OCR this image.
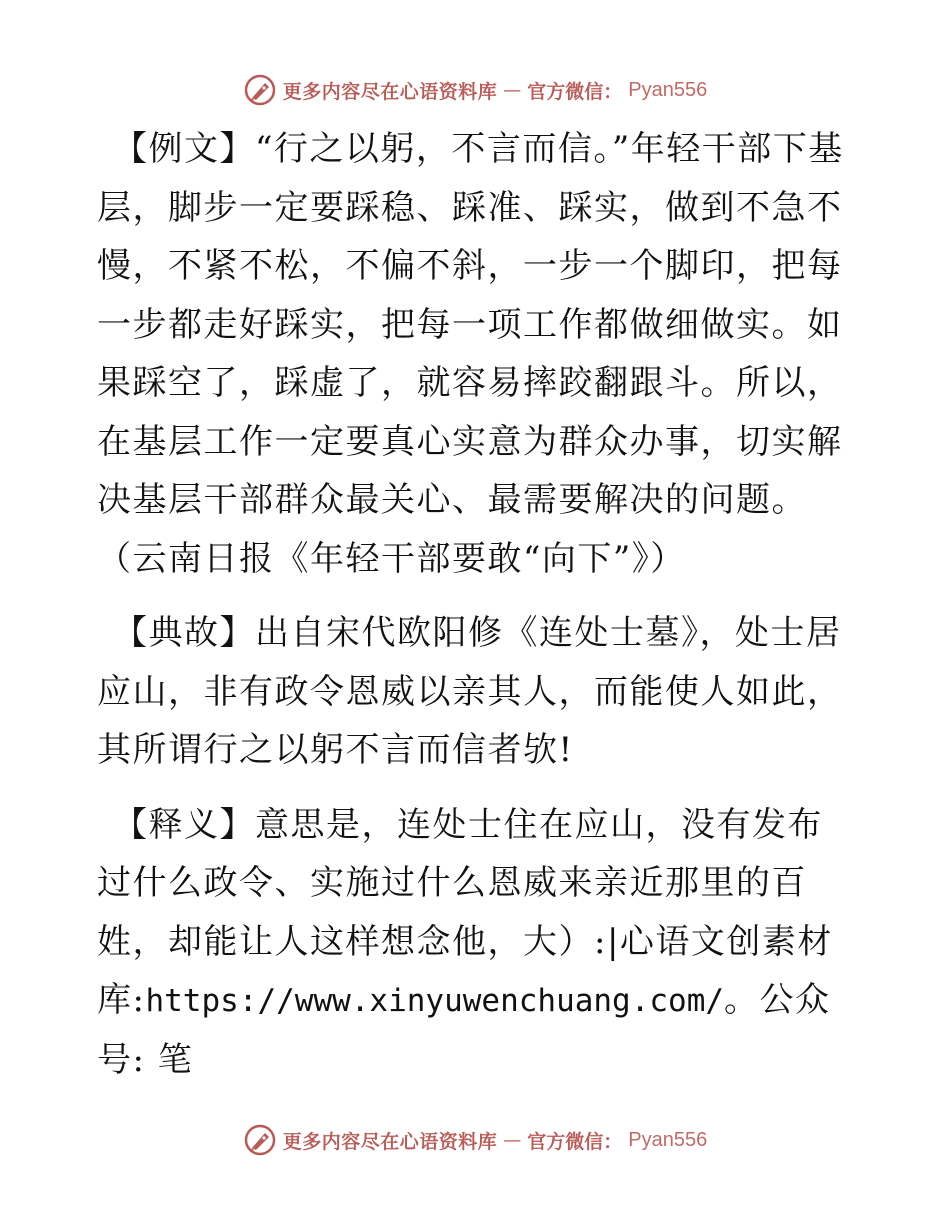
更多内容尽在心语资料库 — 官方微信： Pyan556

【例文】“行之以躬，不言而信。”年轻干部下基层，脚步一定要踩稳、踩准、踩实，做到不急不慢，不紧不松，不偏不斜，一步一个脚印，把每一步都走好踩实，把每一项工作都做细做实。如果踩空了，踩虚了，就容易摔跤翻跟斗。所以，在基层工作一定要真心实意为群众办事，切实解决基层干部群众最关心、最需要解决的问题。（云南日报《年轻干部要敢“向下”》）

【典故】出自宋代欧阳修《连处士墓》，处士居应山，非有政令恩威以亲其人，而能使人如此，其所谓行之以躬不言而信者欤!

【释义】意思是，连处士住在应山，没有发布过什么政令、实施过什么恩威来亲近那里的百姓，却能让人这样想念他，大）:|心语文创素材库:https://www.xinyuwenchuang.com/。公众号: 笔

更多内容尽在心语资料库 — 官方微信： Pyan556
